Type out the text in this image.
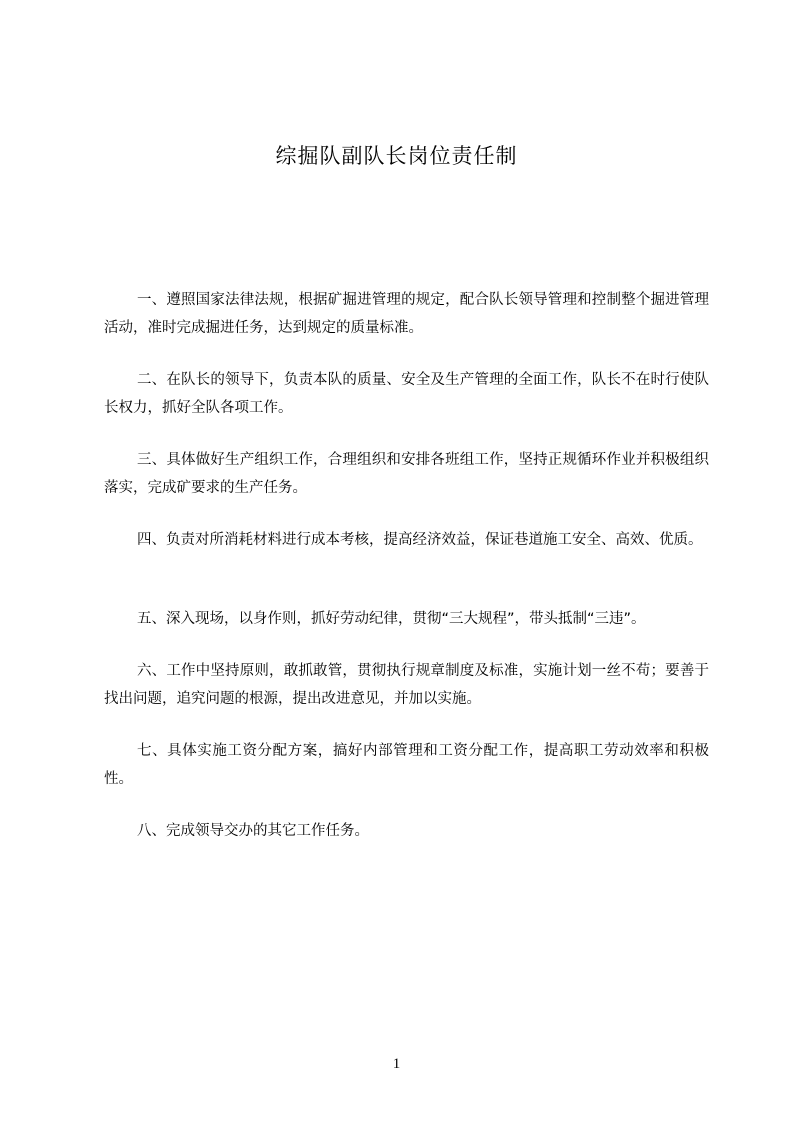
综掘队副队长岗位责任制

一、遵照国家法律法规，根据矿掘进管理的规定，配合队长领导管理和控制整个掘进管理活动，准时完成掘进任务，达到规定的质量标准。

二、在队长的领导下，负责本队的质量、安全及生产管理的全面工作，队长不在时行使队长权力，抓好全队各项工作。

三、具体做好生产组织工作，合理组织和安排各班组工作，坚持正规循环作业并积极组织落实，完成矿要求的生产任务。

四、负责对所消耗材料进行成本考核，提高经济效益，保证巷道施工安全、高效、优质。

五、深入现场，以身作则，抓好劳动纪律，贯彻“三大规程”，带头抵制“三违”。

六、工作中坚持原则，敢抓敢管，贯彻执行规章制度及标准，实施计划一丝不苟；要善于找出问题，追究问题的根源，提出改进意见，并加以实施。

七、具体实施工资分配方案，搞好内部管理和工资分配工作，提高职工劳动效率和积极性。

八、完成领导交办的其它工作任务。

1
